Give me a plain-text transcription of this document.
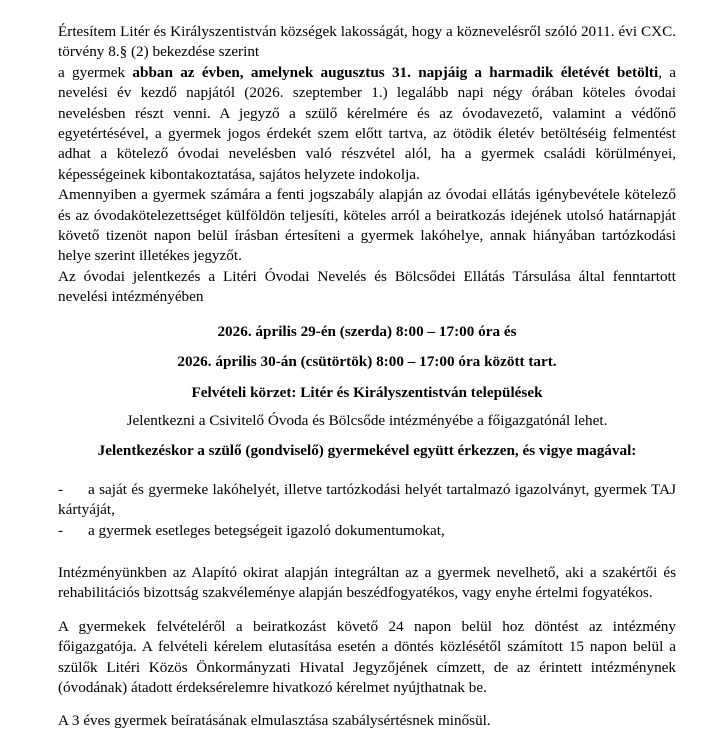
Értesítem Litér és Királyszentistván községek lakosságát, hogy a köznevelésről szóló 2011. évi CXC. törvény 8.§ (2) bekezdése szerint

a gyermek abban az évben, amelynek augusztus 31. napjáig a harmadik életévét betölti, a nevelési év kezdő napjától (2026. szeptember 1.) legalább napi négy órában köteles óvodai nevelésben részt venni. A jegyző a szülő kérelmére és az óvodavezető, valamint a védőnő egyetértésével, a gyermek jogos érdekét szem előtt tartva, az ötödik életév betöltéséig felmentést adhat a kötelező óvodai nevelésben való részvétel alól, ha a gyermek családi körülményei, képességeinek kibontakoztatása, sajátos helyzete indokolja.

Amennyiben a gyermek számára a fenti jogszabály alapján az óvodai ellátás igénybevétele kötelező és az óvodakötelezettséget külföldön teljesíti, köteles arról a beiratkozás idejének utolsó határnapját követő tizenöt napon belül írásban értesíteni a gyermek lakóhelye, annak hiányában tartózkodási helye szerint illetékes jegyzőt.

Az óvodai jelentkezés a Litéri Óvodai Nevelés és Bölcsődei Ellátás Társulása által fenntartott nevelési intézményében

2026. április 29-én (szerda) 8:00 – 17:00 óra és

2026. április 30-án (csütörtök) 8:00 – 17:00 óra között tart.

Felvételi körzet: Litér és Királyszentistván települések

Jelentkezni a Csivitelő Óvoda és Bölcsőde intézményébe a főigazgatónál lehet.

Jelentkezéskor a szülő (gondviselő) gyermekével együtt érkezzen, és vigye magával:

- a saját és gyermeke lakóhelyét, illetve tartózkodási helyét tartalmazó igazolványt, gyermek TAJ kártyáját,

- a gyermek esetleges betegségeit igazoló dokumentumokat,

Intézményünkben az Alapító okirat alapján integráltan az a gyermek nevelhető, aki a szakértői és rehabilitációs bizottság szakvéleménye alapján beszédfogyatékos, vagy enyhe értelmi fogyatékos.

A gyermekek felvételéről a beiratkozást követő 24 napon belül hoz döntést az intézmény főigazgatója. A felvételi kérelem elutasítása esetén a döntés közlésétől számított 15 napon belül a szülők Litéri Közös Önkormányzati Hivatal Jegyzőjének címzett, de az érintett intézménynek (óvodának) átadott érdeksérelemre hivatkozó kérelmet nyújthatnak be.

A 3 éves gyermek beíratásának elmulasztása szabálysértésnek minősül.
